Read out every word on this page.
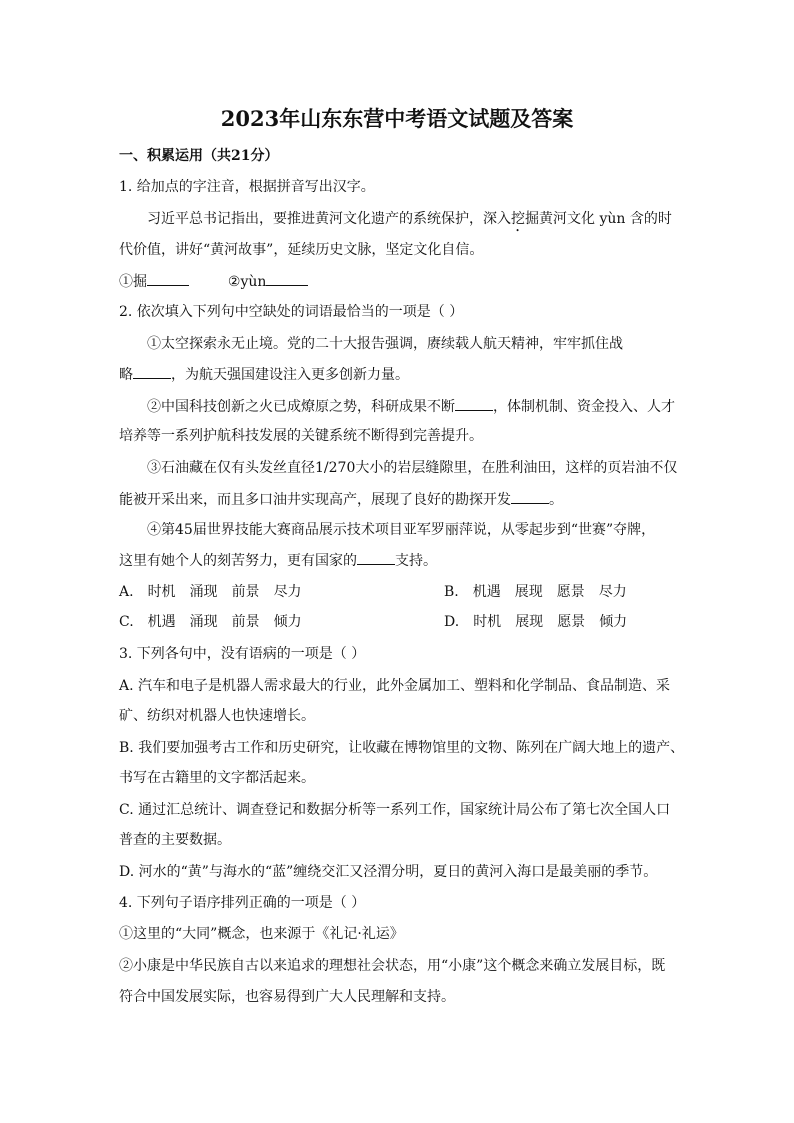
2023年山东东营中考语文试题及答案
一、积累运用（共21分）
1. 给加点的字注音，根据拼音写出汉字。
习近平总书记指出，要推进黄河文化遗产的系统保护，深入挖掘黄河文化 yùn 含的时
代价值，讲好“黄河故事”，延续历史文脉，坚定文化自信。
①掘	②yùn
2. 依次填入下列句中空缺处的词语最恰当的一项是（ ）
①太空探索永无止境。党的二十大报告强调，赓续载人航天精神，牢牢抓住战
略	，为航天强国建设注入更多创新力量。
②中国科技创新之火已成燎原之势，科研成果不断	，体制机制、资金投入、人才
培养等一系列护航科技发展的关键系统不断得到完善提升。
③石油藏在仅有头发丝直径1/270大小的岩层缝隙里，在胜利油田，这样的页岩油不仅
能被开采出来，而且多口油井实现高产，展现了良好的勘探开发	。
④第45届世界技能大赛商品展示技术项目亚军罗丽萍说，从零起步到“世赛”夺牌，
这里有她个人的刻苦努力，更有国家的	支持。
A. 时机 涌现 前景 尽力	B. 机遇 展现 愿景 尽力
C. 机遇 涌现 前景 倾力	D. 时机 展现 愿景 倾力
3. 下列各句中，没有语病的一项是（ ）
A. 汽车和电子是机器人需求最大的行业，此外金属加工、塑料和化学制品、食品制造、采
矿、纺织对机器人也快速增长。
B. 我们要加强考古工作和历史研究，让收藏在博物馆里的文物、陈列在广阔大地上的遗产、
书写在古籍里的文字都活起来。
C. 通过汇总统计、调查登记和数据分析等一系列工作，国家统计局公布了第七次全国人口
普查的主要数据。
D. 河水的“黄”与海水的“蓝”缠绕交汇又泾渭分明，夏日的黄河入海口是最美丽的季节。
4. 下列句子语序排列正确的一项是（ ）
①这里的“大同”概念，也来源于《礼记·礼运》
②小康是中华民族自古以来追求的理想社会状态，用“小康”这个概念来确立发展目标，既
符合中国发展实际，也容易得到广大人民理解和支持。
